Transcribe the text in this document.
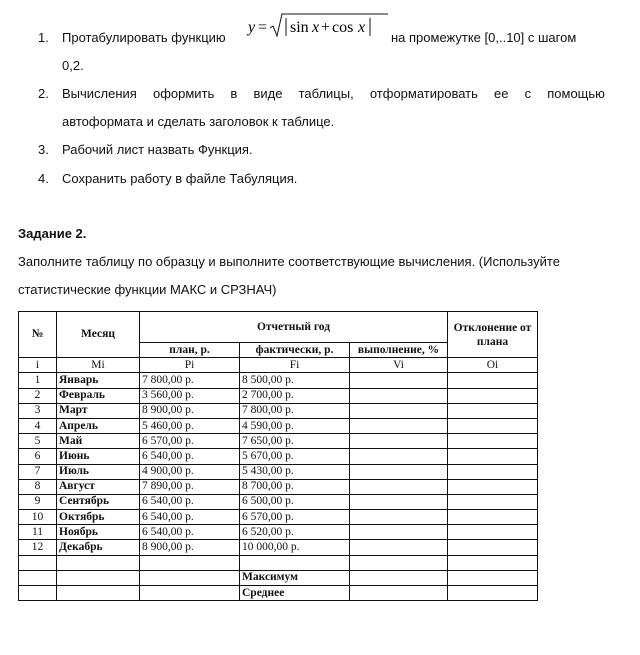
1. Протабулировать функцию
y = sin x + cos x
на промежутке [0,..10] с шагом
0,2.
2. Вычисления оформить в виде таблицы, отформатировать ее с помощью
автоформата и сделать заголовок к таблице.
3. Рабочий лист назвать Функция.
4. Сохранить работу в файле Табуляция.
Задание 2.
Заполните таблицу по образцу и выполните соответствующие вычисления. (Используйте
статистические функции МАКС и СРЗНАЧ)
№	Месяц	Отчетный год			Отклонение от плана
		план, р.	фактически, р.	выполнение, %	
i	Mi	Pi	Fi	Vi	Oi
1	Январь	7 800,00 р.	8 500,00 р.		
2	Февраль	3 560,00 р.	2 700,00 р.		
3	Март	8 900,00 р.	7 800,00 р.		
4	Апрель	5 460,00 р.	4 590,00 р.		
5	Май	6 570,00 р.	7 650,00 р.		
6	Июнь	6 540,00 р.	5 670,00 р.		
7	Июль	4 900,00 р.	5 430,00 р.		
8	Август	7 890,00 р.	8 700,00 р.		
9	Сентябрь	6 540,00 р.	6 500,00 р.		
10	Октябрь	6 540,00 р.	6 570,00 р.		
11	Ноябрь	6 540,00 р.	6 520,00 р.		
12	Декабрь	8 900,00 р.	10 000,00 р.		

			Максимум		
			Среднее		
